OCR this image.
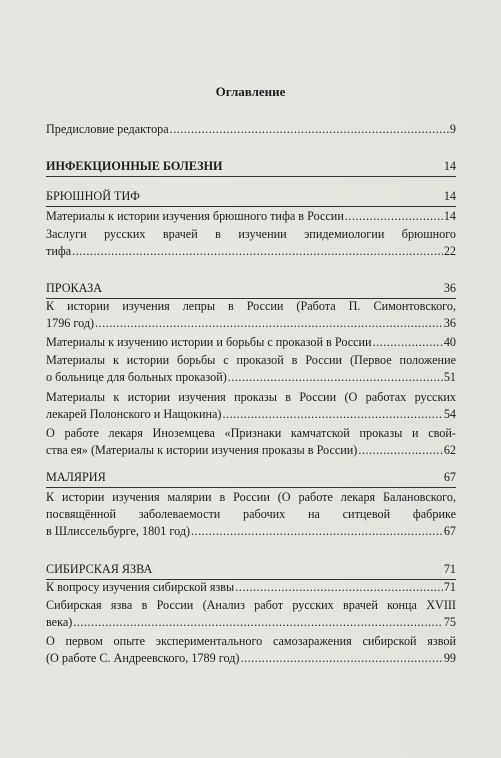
Оглавление
Предисловие редактора .....	9
ИНФЕКЦИОННЫЕ БОЛЕЗНИ	14
БРЮШНОЙ ТИФ	14
Материалы к истории изучения брюшного тифа в России .....	14
Заслуги русских врачей в изучении эпидемиологии брюшного
тифа .....	22
ПРОКАЗА	36
К истории изучения лепры в России (Работа П. Симонтовского,
1796 год) .....	36
Материалы к изучению истории и борьбы с проказой в России .....	40
Материалы к истории борьбы с проказой в России (Первое положение
о больнице для больных проказой) .....	51
Материалы к истории изучения проказы в России (О работах русских
лекарей Полонского и Нащокина) .....	54
О работе лекаря Иноземцева «Признаки камчатской проказы и свой-
ства ея» (Материалы к истории изучения проказы в России) .....	62
МАЛЯРИЯ	67
К истории изучения малярии в России (О работе лекаря Балановского,
посвящённой заболеваемости рабочих на ситцевой фабрике
в Шлиссельбурге, 1801 год) .....	67
СИБИРСКАЯ ЯЗВА	71
К вопросу изучения сибирской язвы .....	71
Сибирская язва в России (Анализ работ русских врачей конца XVIII
века) .....	75
О первом опыте экспериментального самозаражения сибирской язвой
(О работе С. Андреевского, 1789 год) .....	99
